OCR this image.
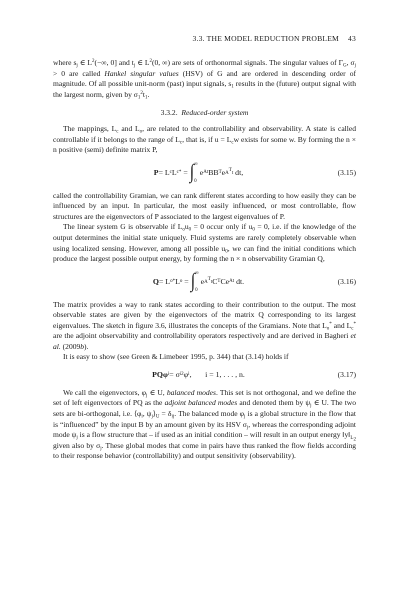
3.3. THE MODEL REDUCTION PROBLEM 43

where $s_j$ ∈ $L^2(-\infty$, 0] and $t_j$ ∈ $L^2(0$, ∞) are sets of orthonormal signals. The singular values of $\Gamma_G$, $\sigma_j > 0$ are called Hankel singular values (HSV) of G and are ordered in descending order of magnitude. Of all possible unit-norm (past) input signals, $s_1$ results in the (future) output signal with the largest norm, given by $\sigma_1^2t_1$.

3.3.2. Reduced-order system

The mappings, $L_c$ and $L_o$, are related to the controllability and observability. A state is called controllable if it belongs to the range of $L_c$, that is, if $u = L_cw$ exists for some w. By forming the n × n positive (semi) definite matrix P,

P = L c L c * = ∫ ∞
0
e At BB T e $A^Tt$
dt,	(3.15)

called the controllability Gramian, we can rank different states according to how easily they can be influenced by an input. In particular, the most easily influenced, or most controllable, flow structures are the eigenvectors of P associated to the largest eigenvalues of P.

The linear system G is observable if $L_ou_0 = 0$ occur only if $u_0 = 0$, i.e. if the knowledge of the output determines the initial state uniquely. Fluid systems are rarely completely observable when using localized sensing. However, among all possible $u_0$, we can find the initial conditions which produce the largest possible output energy, by forming the n × n observability Gramian Q,

Q = L o * L o = ∫ ∞
0
e $A^Tt$ C T Ce At
dt.	(3.16)

The matrix provides a way to rank states according to their contribution to the output. The most observable states are given by the eigenvectors of the matrix Q corresponding to its largest eigenvalues. The sketch in figure 3.6, illustrates the concepts of the Gramians. Note that $L_o^*$ and $L_c^*$ are the adjoint observability and controllability operators respectively and are derived in Bagheri et al. (2009b).

It is easy to show (see Green & Limebeer 1995, p. 344) that (3.14) holds if

PQφ i = σ i 2 φ i ,
i = 1, . . . , n.	(3.17)

We call the eigenvectors, $\varphi_j$ ∈ U, balanced modes. This set is not orthogonal, and we define the set of left eigenvectors of PQ as the adjoint balanced modes and denoted them by $\psi_j$ ∈ U. The two sets are bi-orthogonal, i.e. $⟨\varphi_i$, $\psi_j⟩_U = \delta_{ij}$. The balanced mode $\varphi_j$ is a global structure in the flow that is “influenced” by the input B by an amount given by its HSV $\sigma_j$, whereas the corresponding adjoint mode $\psi_j$ is a flow structure that – if used as an initial condition – will result in an output energy $‖y‖_{L_2}$ given also by $\sigma_j$. These global modes that come in pairs have thus ranked the flow fields according to their response behavior (controllability) and output sensitivity (observability).
